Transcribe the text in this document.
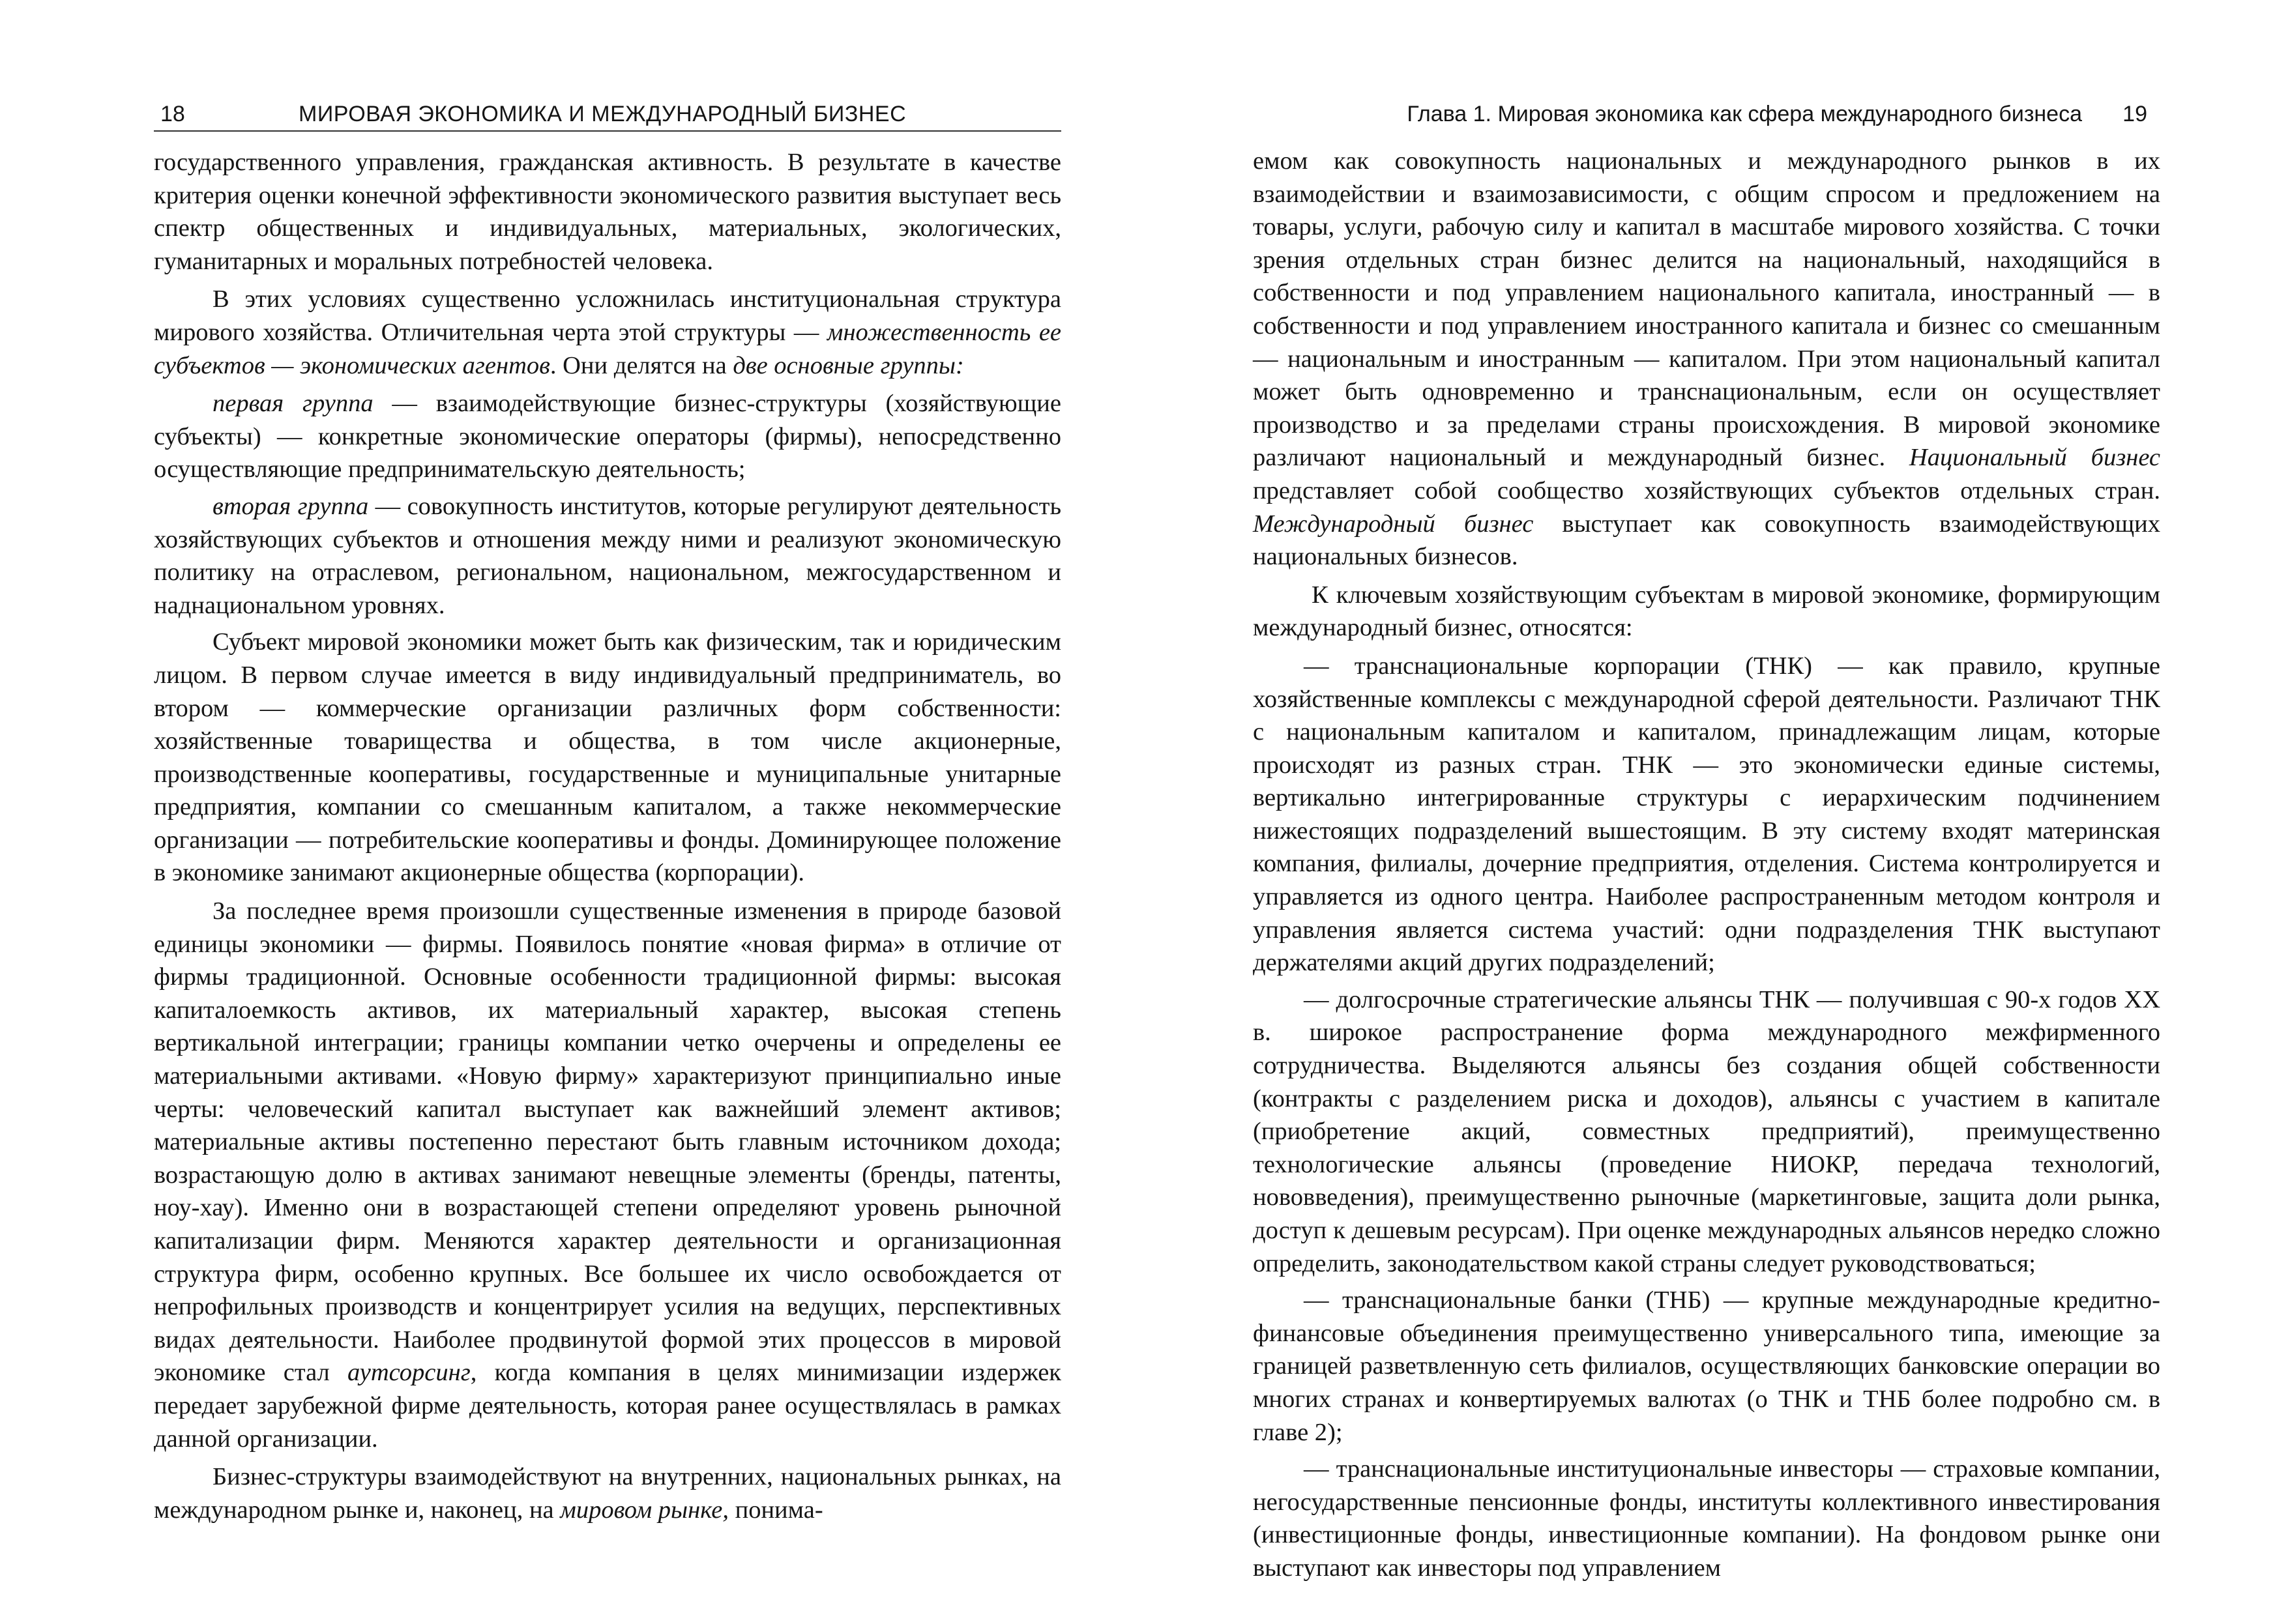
18	МИРОВАЯ ЭКОНОМИКА И МЕЖДУНАРОДНЫЙ БИЗНЕС

государственного управления, гражданская активность. В результате в качестве критерия оценки конечной эффективности экономического развития выступает весь спектр общественных и индивидуальных, материальных, экологических, гуманитарных и моральных потребностей человека.

В этих условиях существенно усложнилась институциональная структура мирового хозяйства. Отличительная черта этой структуры — множественность ее субъектов — экономических агентов. Они делятся на две основные группы:

первая группа — взаимодействующие бизнес-структуры (хозяйствующие субъекты) — конкретные экономические операторы (фирмы), непосредственно осуществляющие предпринимательскую деятельность;

вторая группа — совокупность институтов, которые регулируют деятельность хозяйствующих субъектов и отношения между ними и реализуют экономическую политику на отраслевом, региональном, национальном, межгосударственном и наднациональном уровнях.

Субъект мировой экономики может быть как физическим, так и юридическим лицом. В первом случае имеется в виду индивидуальный предприниматель, во втором — коммерческие организации различных форм собственности: хозяйственные товарищества и общества, в том числе акционерные, производственные кооперативы, государственные и муниципальные унитарные предприятия, компании со смешанным капиталом, а также некоммерческие организации — потребительские кооперативы и фонды. Доминирующее положение в экономике занимают акционерные общества (корпорации).

За последнее время произошли существенные изменения в природе базовой единицы экономики — фирмы. Появилось понятие «новая фирма» в отличие от фирмы традиционной. Основные особенности традиционной фирмы: высокая капиталоемкость активов, их материальный характер, высокая степень вертикальной интеграции; границы компании четко очерчены и определены ее материальными активами. «Новую фирму» характеризуют принципиально иные черты: человеческий капитал выступает как важнейший элемент активов; материальные активы постепенно перестают быть главным источником дохода; возрастающую долю в активах занимают невещные элементы (бренды, патенты, ноу-хау). Именно они в возрастающей степени определяют уровень рыночной капитализации фирм. Меняются характер деятельности и организационная структура фирм, особенно крупных. Все большее их число освобождается от непрофильных производств и концентрирует усилия на ведущих, перспективных видах деятельности. Наиболее продвинутой формой этих процессов в мировой экономике стал аутсорсинг, когда компания в целях минимизации издержек передает зарубежной фирме деятельность, которая ранее осуществлялась в рамках данной организации.

Бизнес-структуры взаимодействуют на внутренних, национальных рынках, на международном рынке и, наконец, на мировом рынке, понима-

Глава 1. Мировая экономика как сфера международного бизнеса 19

емом как совокупность национальных и международного рынков в их взаимодействии и взаимозависимости, с общим спросом и предложением на товары, услуги, рабочую силу и капитал в масштабе мирового хозяйства. С точки зрения отдельных стран бизнес делится на национальный, находящийся в собственности и под управлением национального капитала, иностранный — в собственности и под управлением иностранного капитала и бизнес со смешанным — национальным и иностранным — капиталом. При этом национальный капитал может быть одновременно и транснациональным, если он осуществляет производство и за пределами страны происхождения. В мировой экономике различают национальный и международный бизнес. Национальный бизнес представляет собой сообщество хозяйствующих субъектов отдельных стран. Международный бизнес выступает как совокупность взаимодействующих национальных бизнесов.

К ключевым хозяйствующим субъектам в мировой экономике, формирующим международный бизнес, относятся:

— транснациональные корпорации (ТНК) — как правило, крупные хозяйственные комплексы с международной сферой деятельности. Различают ТНК с национальным капиталом и капиталом, принадлежащим лицам, которые происходят из разных стран. ТНК — это экономически единые системы, вертикально интегрированные структуры с иерархическим подчинением нижестоящих подразделений вышестоящим. В эту систему входят материнская компания, филиалы, дочерние предприятия, отделения. Система контролируется и управляется из одного центра. Наиболее распространенным методом контроля и управления является система участий: одни подразделения ТНК выступают держателями акций других подразделений;

— долгосрочные стратегические альянсы ТНК — получившая с 90-х годов XX в. широкое распространение форма международного межфирменного сотрудничества. Выделяются альянсы без создания общей собственности (контракты с разделением риска и доходов), альянсы с участием в капитале (приобретение акций, совместных предприятий), преимущественно технологические альянсы (проведение НИОКР, передача технологий, нововведения), преимущественно рыночные (маркетинговые, защита доли рынка, доступ к дешевым ресурсам). При оценке международных альянсов нередко сложно определить, законодательством какой страны следует руководствоваться;

— транснациональные банки (ТНБ) — крупные международные кредитно-финансовые объединения преимущественно универсального типа, имеющие за границей разветвленную сеть филиалов, осуществляющих банковские операции во многих странах и конвертируемых валютах (о ТНК и ТНБ более подробно см. в главе 2);

— транснациональные институциональные инвесторы — страховые компании, негосударственные пенсионные фонды, институты коллективного инвестирования (инвестиционные фонды, инвестиционные компании). На фондовом рынке они выступают как инвесторы под управлением
